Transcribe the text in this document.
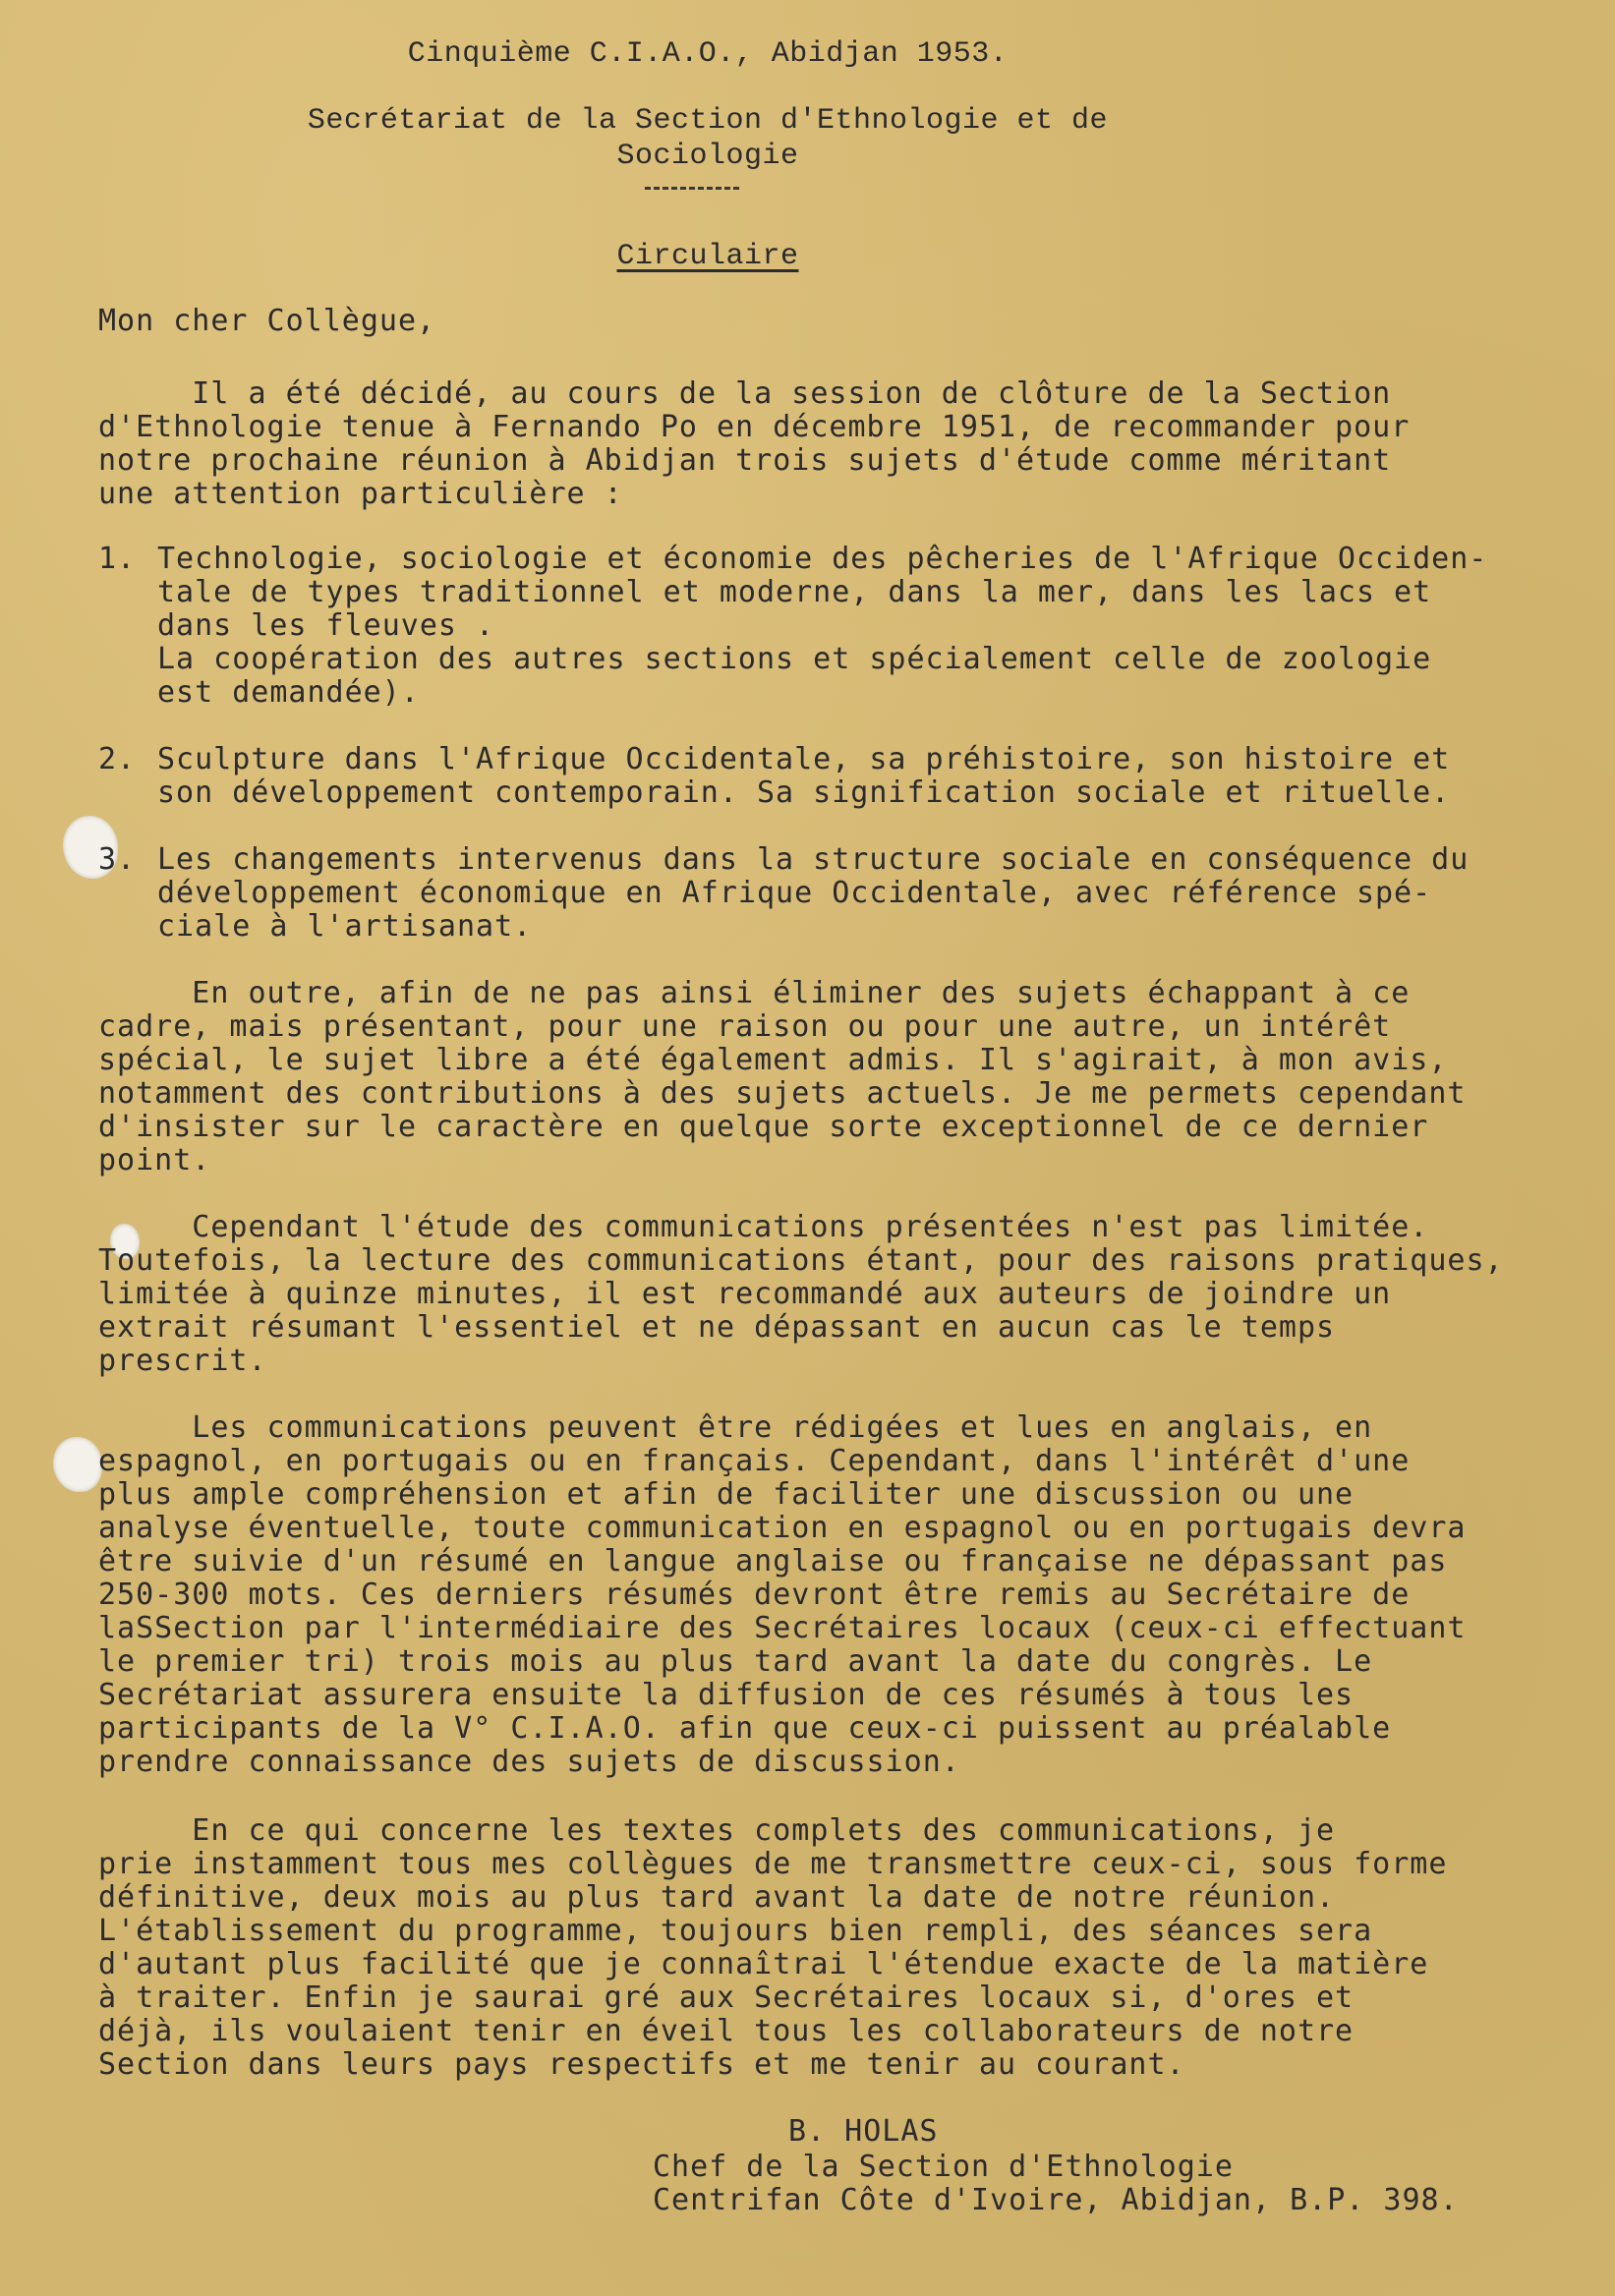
Cinquième C.I.A.O., Abidjan 1953.
Secrétariat de la Section d'Ethnologie et de
Sociologie
Circulaire
Mon cher Collègue,
Il a été décidé, au cours de la session de clôture de la Section
d'Ethnologie tenue à Fernando Po en décembre 1951, de recommander pour
notre prochaine réunion à Abidjan trois sujets d'étude comme méritant
une attention particulière :
1. Technologie, sociologie et économie des pêcheries de l'Afrique Occiden-
tale de types traditionnel et moderne, dans la mer, dans les lacs et
dans les fleuves .
La coopération des autres sections et spécialement celle de zoologie
est demandée).
2. Sculpture dans l'Afrique Occidentale, sa préhistoire, son histoire et
son développement contemporain. Sa signification sociale et rituelle.
3. Les changements intervenus dans la structure sociale en conséquence du
développement économique en Afrique Occidentale, avec référence spé-
ciale à l'artisanat.
En outre, afin de ne pas ainsi éliminer des sujets échappant à ce
cadre, mais présentant, pour une raison ou pour une autre, un intérêt
spécial, le sujet libre a été également admis. Il s'agirait, à mon avis,
notamment des contributions à des sujets actuels. Je me permets cependant
d'insister sur le caractère en quelque sorte exceptionnel de ce dernier
point.
Cependant l'étude des communications présentées n'est pas limitée.
Toutefois, la lecture des communications étant, pour des raisons pratiques,
limitée à quinze minutes, il est recommandé aux auteurs de joindre un
extrait résumant l'essentiel et ne dépassant en aucun cas le temps
prescrit.
Les communications peuvent être rédigées et lues en anglais, en
espagnol, en portugais ou en français. Cependant, dans l'intérêt d'une
plus ample compréhension et afin de faciliter une discussion ou une
analyse éventuelle, toute communication en espagnol ou en portugais devra
être suivie d'un résumé en langue anglaise ou française ne dépassant pas
250-300 mots. Ces derniers résumés devront être remis au Secrétaire de
laSSection par l'intermédiaire des Secrétaires locaux (ceux-ci effectuant
le premier tri) trois mois au plus tard avant la date du congrès. Le
Secrétariat assurera ensuite la diffusion de ces résumés à tous les
participants de la V° C.I.A.O. afin que ceux-ci puissent au préalable
prendre connaissance des sujets de discussion.
En ce qui concerne les textes complets des communications, je
prie instamment tous mes collègues de me transmettre ceux-ci, sous forme
définitive, deux mois au plus tard avant la date de notre réunion.
L'établissement du programme, toujours bien rempli, des séances sera
d'autant plus facilité que je connaîtrai l'étendue exacte de la matière
à traiter. Enfin je saurai gré aux Secrétaires locaux si, d'ores et
déjà, ils voulaient tenir en éveil tous les collaborateurs de notre
Section dans leurs pays respectifs et me tenir au courant.
B. HOLAS
Chef de la Section d'Ethnologie
Centrifan Côte d'Ivoire, Abidjan, B.P. 398.
